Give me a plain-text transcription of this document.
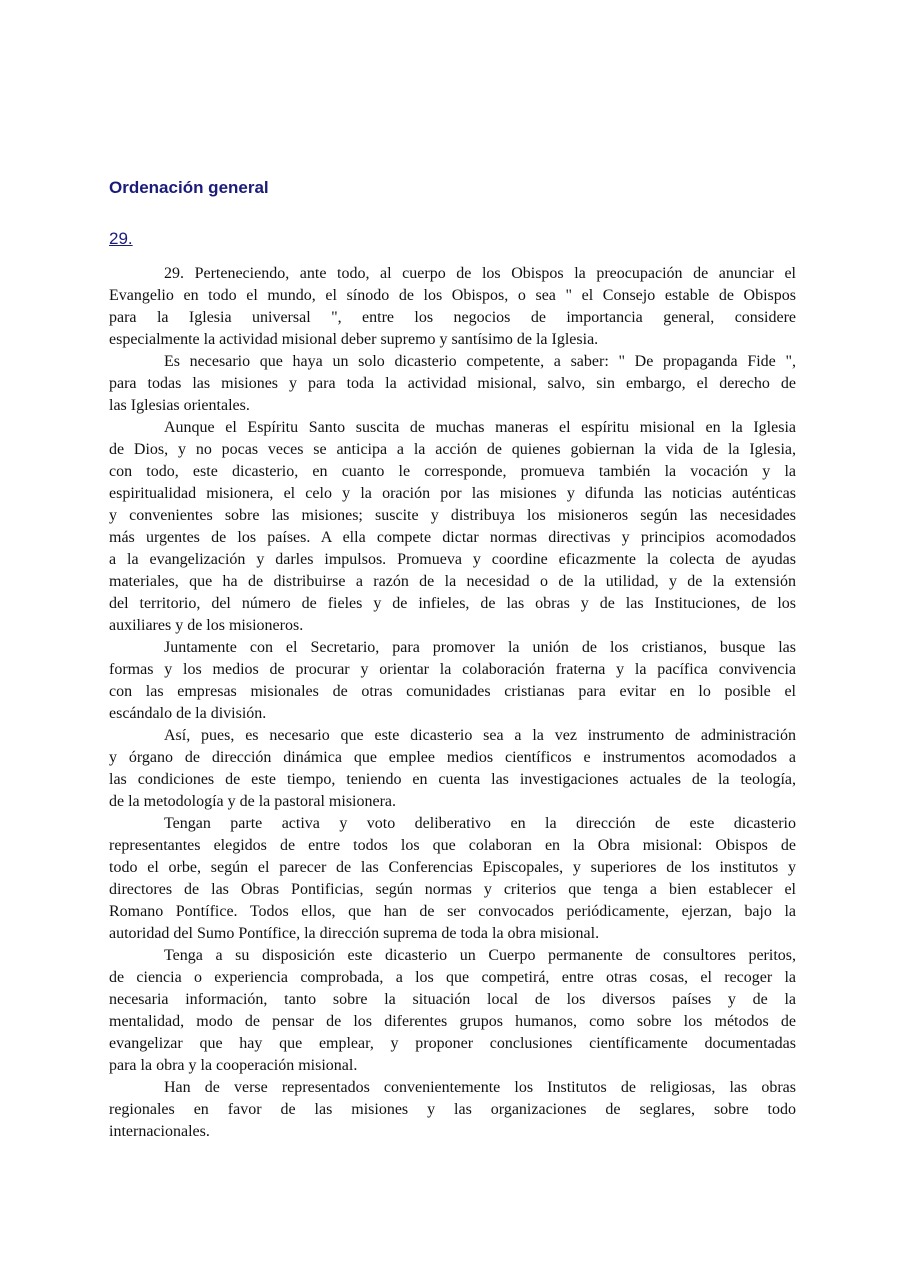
Ordenación general
29.
29. Perteneciendo, ante todo, al cuerpo de los Obispos la preocupación de anunciar el
Evangelio en todo el mundo, el sínodo de los Obispos, o sea " el Consejo estable de Obispos
para la Iglesia universal ", entre los negocios de importancia general, considere
especialmente la actividad misional deber supremo y santísimo de la Iglesia.
Es necesario que haya un solo dicasterio competente, a saber: " De propaganda Fide ",
para todas las misiones y para toda la actividad misional, salvo, sin embargo, el derecho de
las Iglesias orientales.
Aunque el Espíritu Santo suscita de muchas maneras el espíritu misional en la Iglesia
de Dios, y no pocas veces se anticipa a la acción de quienes gobiernan la vida de la Iglesia,
con todo, este dicasterio, en cuanto le corresponde, promueva también la vocación y la
espiritualidad misionera, el celo y la oración por las misiones y difunda las noticias auténticas
y convenientes sobre las misiones; suscite y distribuya los misioneros según las necesidades
más urgentes de los países. A ella compete dictar normas directivas y principios acomodados
a la evangelización y darles impulsos. Promueva y coordine eficazmente la colecta de ayudas
materiales, que ha de distribuirse a razón de la necesidad o de la utilidad, y de la extensión
del territorio, del número de fieles y de infieles, de las obras y de las Instituciones, de los
auxiliares y de los misioneros.
Juntamente con el Secretario, para promover la unión de los cristianos, busque las
formas y los medios de procurar y orientar la colaboración fraterna y la pacífica convivencia
con las empresas misionales de otras comunidades cristianas para evitar en lo posible el
escándalo de la división.
Así, pues, es necesario que este dicasterio sea a la vez instrumento de administración
y órgano de dirección dinámica que emplee medios científicos e instrumentos acomodados a
las condiciones de este tiempo, teniendo en cuenta las investigaciones actuales de la teología,
de la metodología y de la pastoral misionera.
Tengan parte activa y voto deliberativo en la dirección de este dicasterio
representantes elegidos de entre todos los que colaboran en la Obra misional: Obispos de
todo el orbe, según el parecer de las Conferencias Episcopales, y superiores de los institutos y
directores de las Obras Pontificias, según normas y criterios que tenga a bien establecer el
Romano Pontífice. Todos ellos, que han de ser convocados periódicamente, ejerzan, bajo la
autoridad del Sumo Pontífice, la dirección suprema de toda la obra misional.
Tenga a su disposición este dicasterio un Cuerpo permanente de consultores peritos,
de ciencia o experiencia comprobada, a los que competirá, entre otras cosas, el recoger la
necesaria información, tanto sobre la situación local de los diversos países y de la
mentalidad, modo de pensar de los diferentes grupos humanos, como sobre los métodos de
evangelizar que hay que emplear, y proponer conclusiones científicamente documentadas
para la obra y la cooperación misional.
Han de verse representados convenientemente los Institutos de religiosas, las obras
regionales en favor de las misiones y las organizaciones de seglares, sobre todo
internacionales.
